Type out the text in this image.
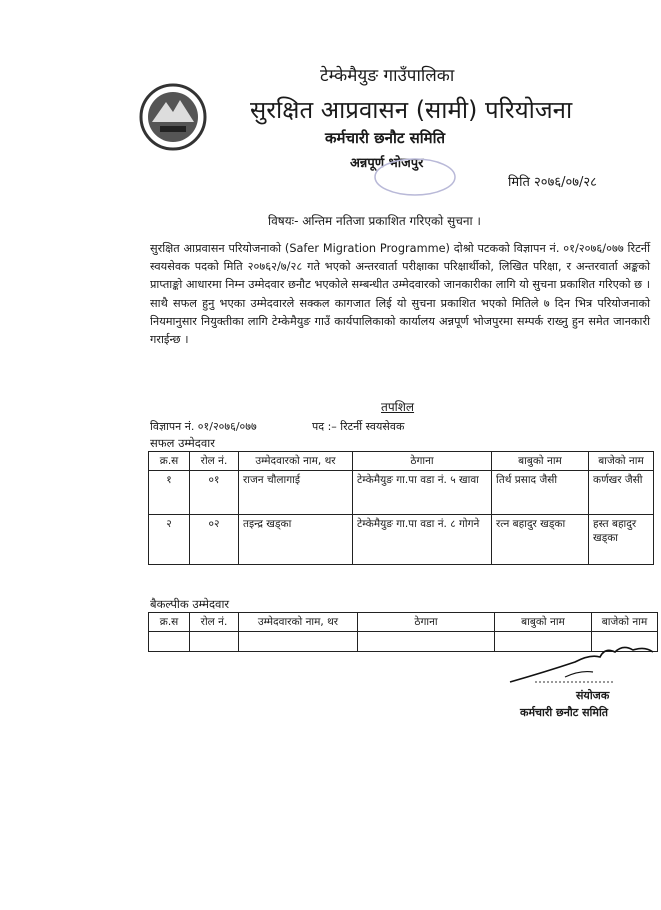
टेम्केमैयुङ गाउँपालिका
सुरक्षित आप्रवासन (सामी) परियोजना
कर्मचारी छनौट समिति
अन्नपूर्ण भोजपुर
मिति २०७६/०७/२८
विषयः- अन्तिम नतिजा प्रकाशित गरिएको सुचना ।

सुरक्षित आप्रवासन परियोजनाको (Safer Migration Programme) दोश्रो पटकको विज्ञापन नं. ०१/२०७६/०७७ रिटर्नी स्वयसेवक पदको मिति २०७६२/७/२८ गते भएको अन्तरवार्ता परीक्षाका परिक्षार्थीको, लिखित परिक्षा, र अन्तरवार्ता अङ्कको प्राप्ताङ्को आधारमा निम्न उम्मेदवार छनौट भएकोले सम्बन्धीत उम्मेदवारको जानकारीका लागि यो सुचना प्रकाशित गरिएको छ । साथै सफल हुनु भएका उम्मेदवारले सक्कल कागजात लिई यो सुचना प्रकाशित भएको मितिले ७ दिन भित्र परियोजनाको नियमानुसार नियुक्तीका लागि टेम्केमैयुङ गाउँ कार्यपालिकाको कार्यालय अन्नपूर्ण भोजपुरमा सम्पर्क राख्नु हुन समेत जानकारी गराईन्छ ।

तपशिल
विज्ञापन नं. ०१/२०७६/०७७	पद :– रिटर्नी स्वयसेवक
सफल उम्मेदवार
क्र.स	रोल नं.	उम्मेदवारको नाम, थर	ठेगाना	बाबुको नाम	बाजेको नाम
१	०१	राजन चौलागाई	टेम्केमैयुङ गा.पा वडा नं. ५ खावा	तिर्थ प्रसाद जैसी	कर्णखर जैसी
२	०२	तइन्द्र खड्का	टेम्केमैयुङ गा.पा वडा नं. ८ गोगने	रत्न बहादुर खड्का	हस्त बहादुर खड्का
बैकल्पीक उम्मेदवार
क्र.स	रोल नं.	उम्मेदवारको नाम, थर	ठेगाना	बाबुको नाम	बाजेको नाम

संयोजक
कर्मचारी छनौट समिति
